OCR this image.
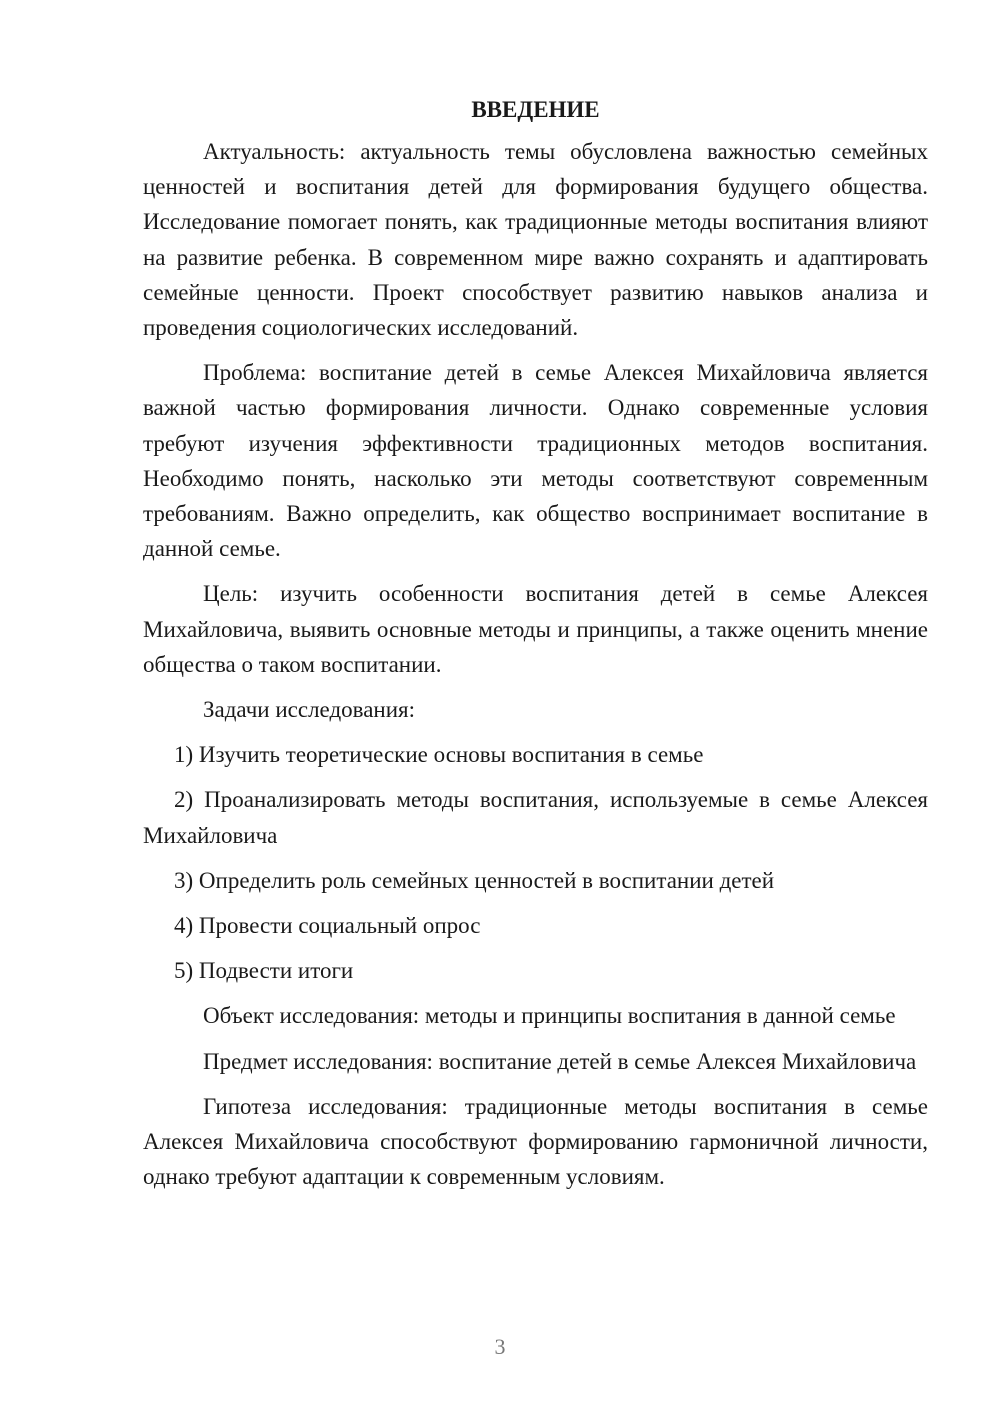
ВВЕДЕНИЕ

Актуальность: актуальность темы обусловлена важностью семейных ценностей и воспитания детей для формирования будущего общества. Исследование помогает понять, как традиционные методы воспитания влияют на развитие ребенка. В современном мире важно сохранять и адаптировать семейные ценности. Проект способствует развитию навыков анализа и проведения социологических исследований.

Проблема: воспитание детей в семье Алексея Михайловича является важной частью формирования личности. Однако современные условия требуют изучения эффективности традиционных методов воспитания. Необходимо понять, насколько эти методы соответствуют современным требованиям. Важно определить, как общество воспринимает воспитание в данной семье.

Цель: изучить особенности воспитания детей в семье Алексея Михайловича, выявить основные методы и принципы, а также оценить мнение общества о таком воспитании.

Задачи исследования:

1) Изучить теоретические основы воспитания в семье

2) Проанализировать методы воспитания, используемые в семье Алексея Михайловича

3) Определить роль семейных ценностей в воспитании детей

4) Провести социальный опрос

5) Подвести итоги

Объект исследования: методы и принципы воспитания в данной семье

Предмет исследования: воспитание детей в семье Алексея Михайловича

Гипотеза исследования: традиционные методы воспитания в семье Алексея Михайловича способствуют формированию гармоничной личности, однако требуют адаптации к современным условиям.

3
